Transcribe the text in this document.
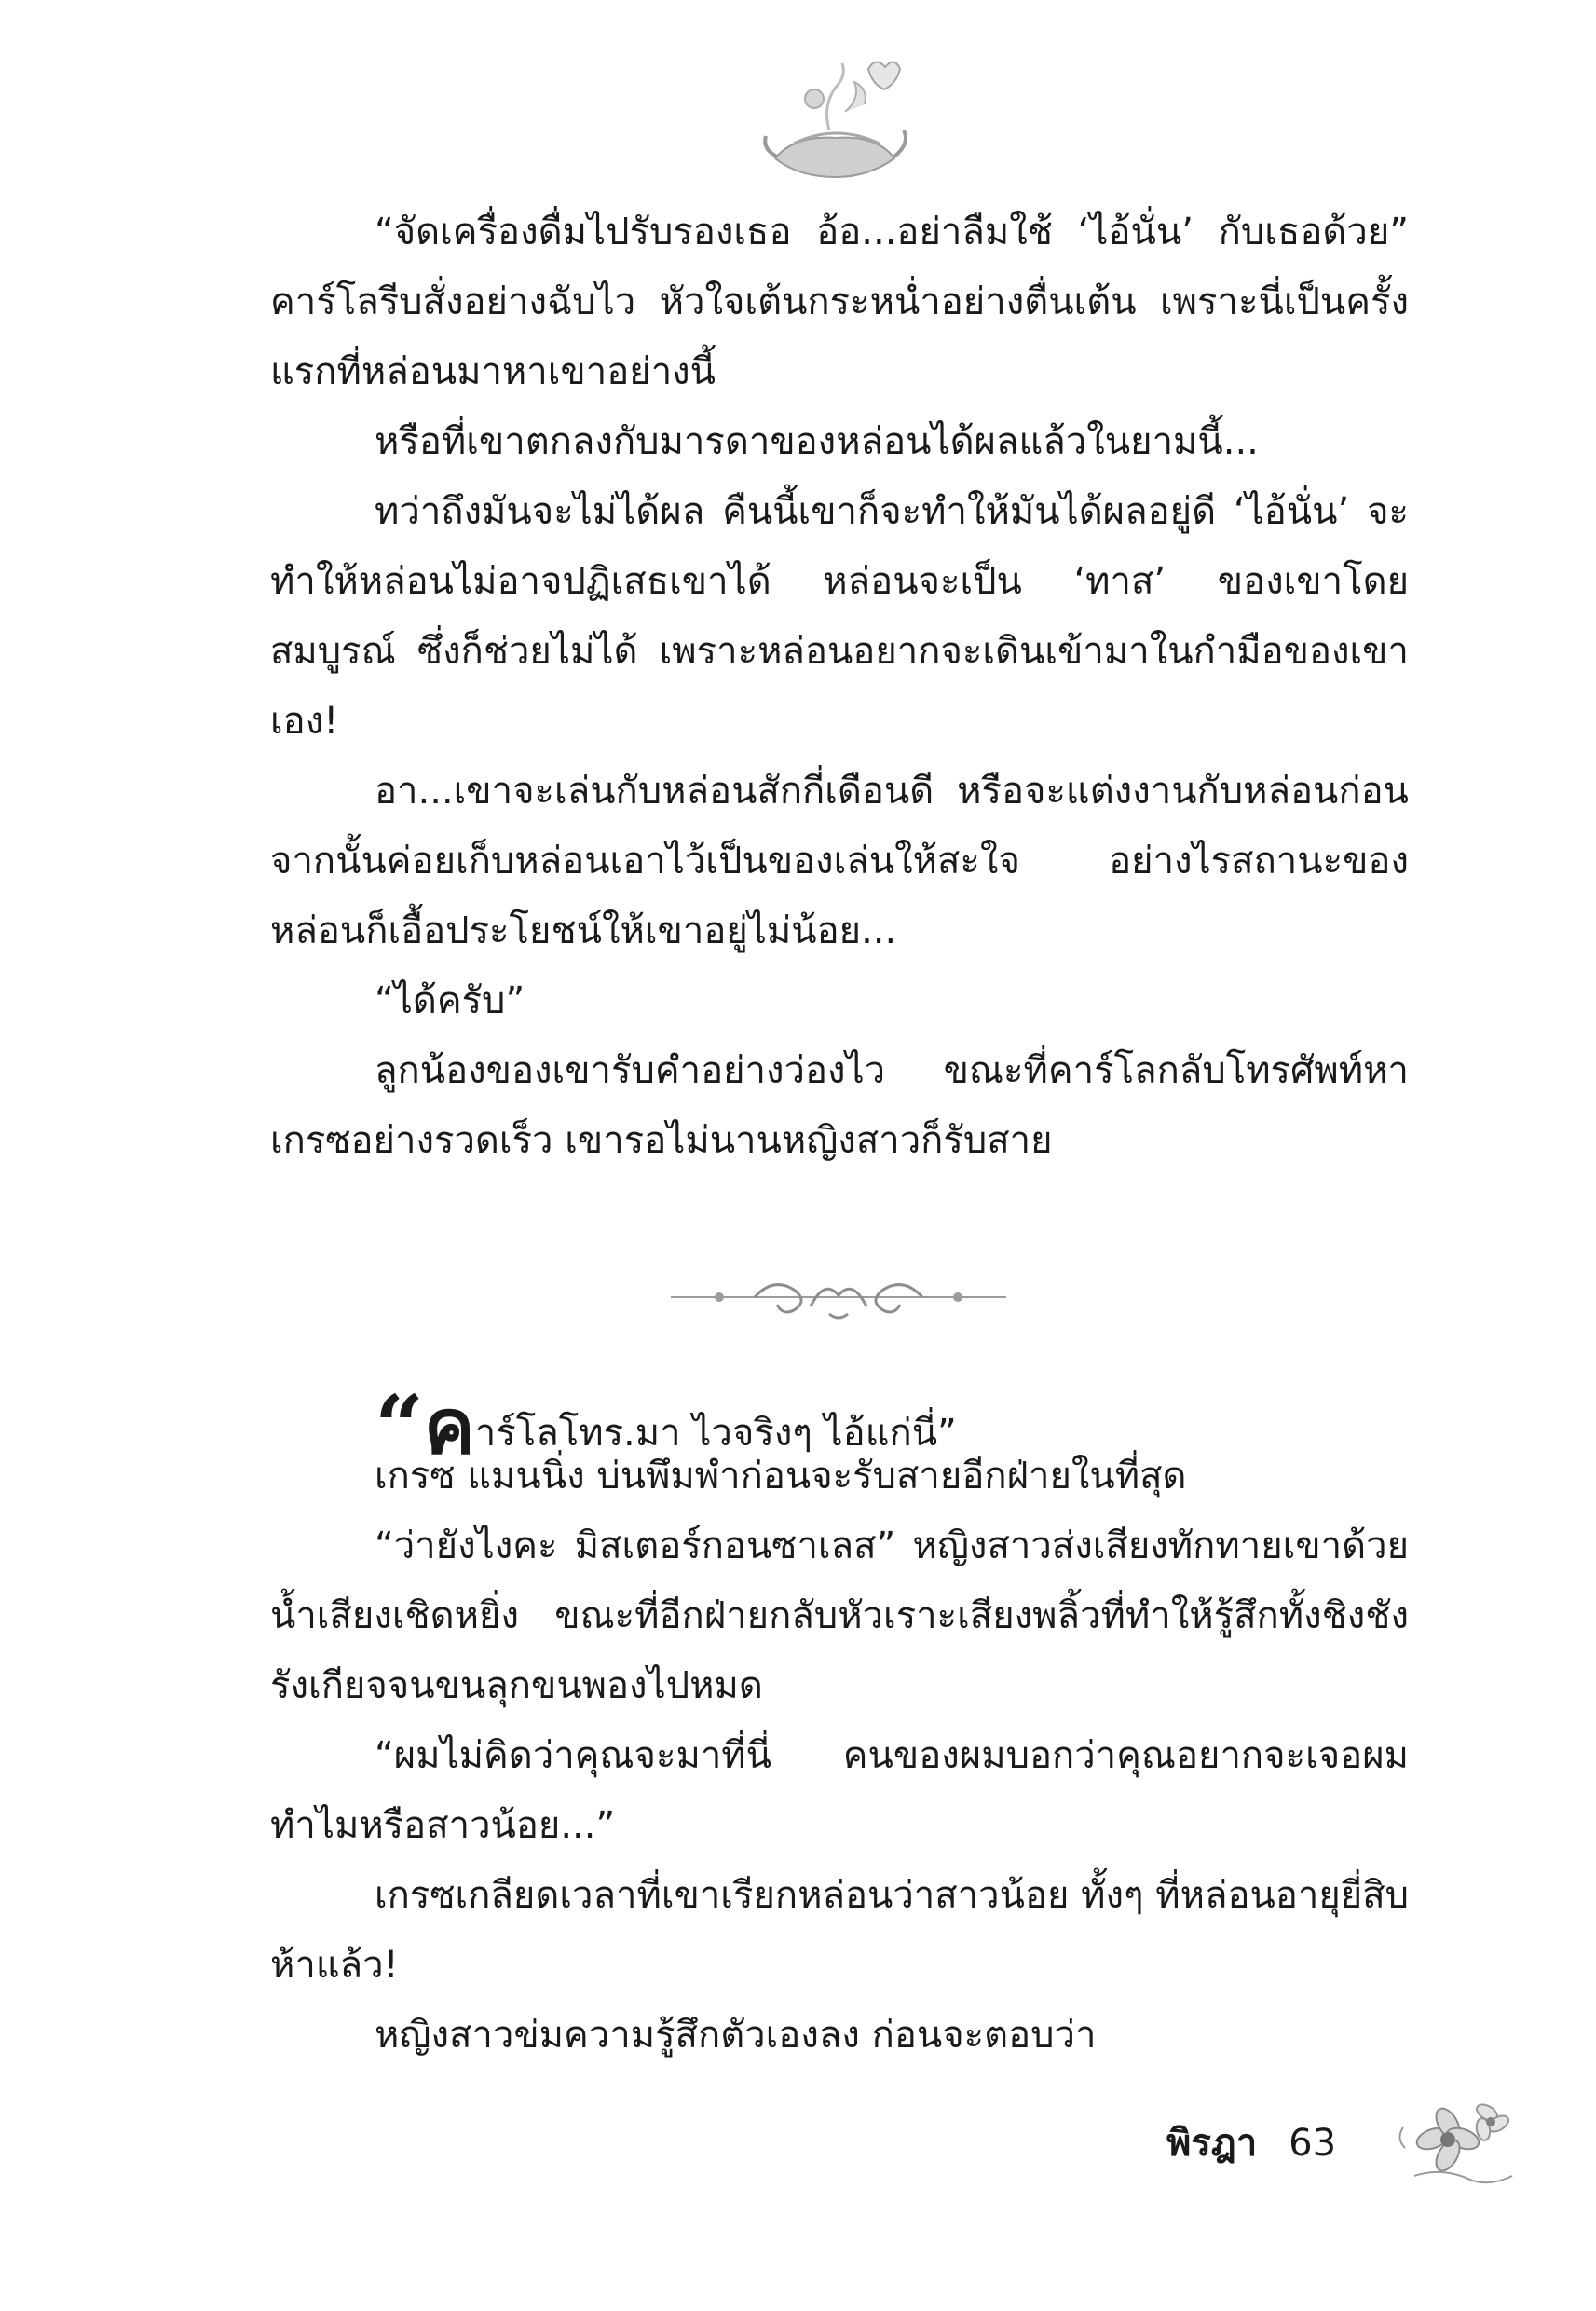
“จัดเครื่องดื่มไปรับรองเธอ อ้อ...อย่าลืมใช้ ‘ไอ้นั่น’ กับเธอด้วย” คาร์โลรีบสั่งอย่างฉับไว หัวใจเต้นกระหน่ำอย่างตื่นเต้น เพราะนี่เป็นครั้งแรกที่หล่อนมาหาเขาอย่างนี้

หรือที่เขาตกลงกับมารดาของหล่อนได้ผลแล้วในยามนี้...

ทว่าถึงมันจะไม่ได้ผล คืนนี้เขาก็จะทำให้มันได้ผลอยู่ดี ‘ไอ้นั่น’ จะทำให้หล่อนไม่อาจปฏิเสธเขาได้ หล่อนจะเป็น ‘ทาส’ ของเขาโดยสมบูรณ์ ซึ่งก็ช่วยไม่ได้ เพราะหล่อนอยากจะเดินเข้ามาในกำมือของเขาเอง!

อา...เขาจะเล่นกับหล่อนสักกี่เดือนดี หรือจะแต่งงานกับหล่อนก่อน จากนั้นค่อยเก็บหล่อนเอาไว้เป็นของเล่นให้สะใจ อย่างไรสถานะของหล่อนก็เอื้อประโยชน์ให้เขาอยู่ไม่น้อย...

“ได้ครับ”

ลูกน้องของเขารับคำอย่างว่องไว ขณะที่คาร์โลกลับโทรศัพท์หาเกรซอย่างรวดเร็ว เขารอไม่นานหญิงสาวก็รับสาย

“คาร์โลโทร.มา ไวจริงๆ ไอ้แก่นี่”

เกรซ แมนนิ่ง บ่นพึมพำก่อนจะรับสายอีกฝ่ายในที่สุด

“ว่ายังไงคะ มิสเตอร์กอนซาเลส” หญิงสาวส่งเสียงทักทายเขาด้วยน้ำเสียงเชิดหยิ่ง ขณะที่อีกฝ่ายกลับหัวเราะเสียงพลิ้วที่ทำให้รู้สึกทั้งชิงชังรังเกียจจนขนลุกขนพองไปหมด

“ผมไม่คิดว่าคุณจะมาที่นี่ คนของผมบอกว่าคุณอยากจะเจอผมทำไมหรือสาวน้อย...”

เกรซเกลียดเวลาที่เขาเรียกหล่อนว่าสาวน้อย ทั้งๆ ที่หล่อนอายุยี่สิบห้าแล้ว!

หญิงสาวข่มความรู้สึกตัวเองลง ก่อนจะตอบว่า

พิรฎา 63
